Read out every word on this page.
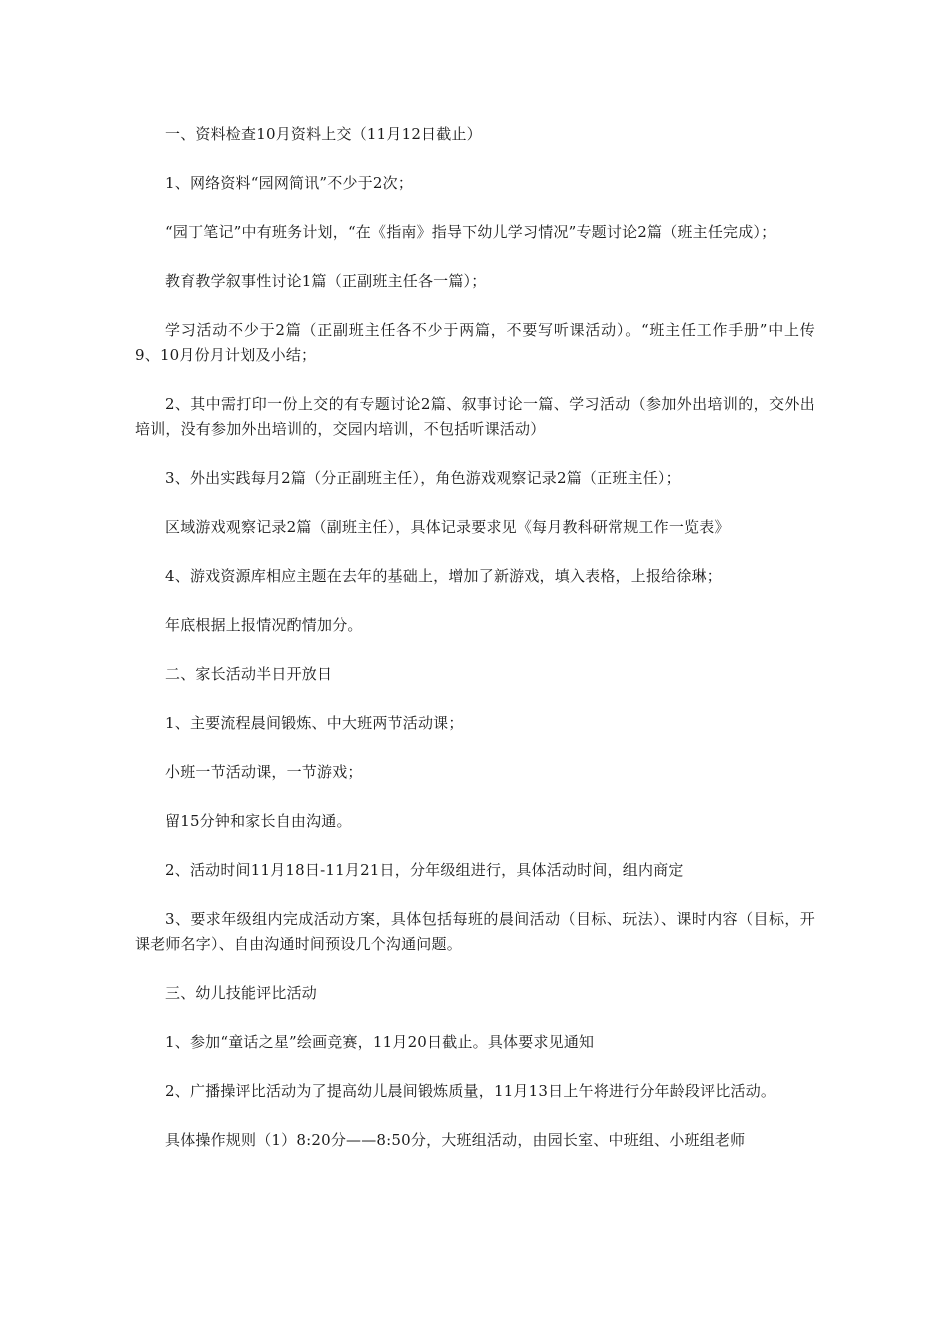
一、资料检查10月资料上交（11月12日截止）

1、网络资料“园网简讯”不少于2次；

“园丁笔记”中有班务计划，“在《指南》指导下幼儿学习情况”专题讨论2篇（班主任完成）；

教育教学叙事性讨论1篇（正副班主任各一篇）；

学习活动不少于2篇（正副班主任各不少于两篇，不要写听课活动）。“班主任工作手册”中上传9、10月份月计划及小结；

2、其中需打印一份上交的有专题讨论2篇、叙事讨论一篇、学习活动（参加外出培训的，交外出培训，没有参加外出培训的，交园内培训，不包括听课活动）

3、外出实践每月2篇（分正副班主任），角色游戏观察记录2篇（正班主任）；

区域游戏观察记录2篇（副班主任），具体记录要求见《每月教科研常规工作一览表》

4、游戏资源库相应主题在去年的基础上，增加了新游戏，填入表格，上报给徐琳；

年底根据上报情况酌情加分。

二、家长活动半日开放日

1、主要流程晨间锻炼、中大班两节活动课；

小班一节活动课，一节游戏；

留15分钟和家长自由沟通。

2、活动时间11月18日-11月21日，分年级组进行，具体活动时间，组内商定

3、要求年级组内完成活动方案，具体包括每班的晨间活动（目标、玩法）、课时内容（目标，开课老师名字）、自由沟通时间预设几个沟通问题。

三、幼儿技能评比活动

1、参加“童话之星”绘画竞赛，11月20日截止。具体要求见通知

2、广播操评比活动为了提高幼儿晨间锻炼质量，11月13日上午将进行分年龄段评比活动。

具体操作规则（1）8:20分——8:50分，大班组活动，由园长室、中班组、小班组老师
